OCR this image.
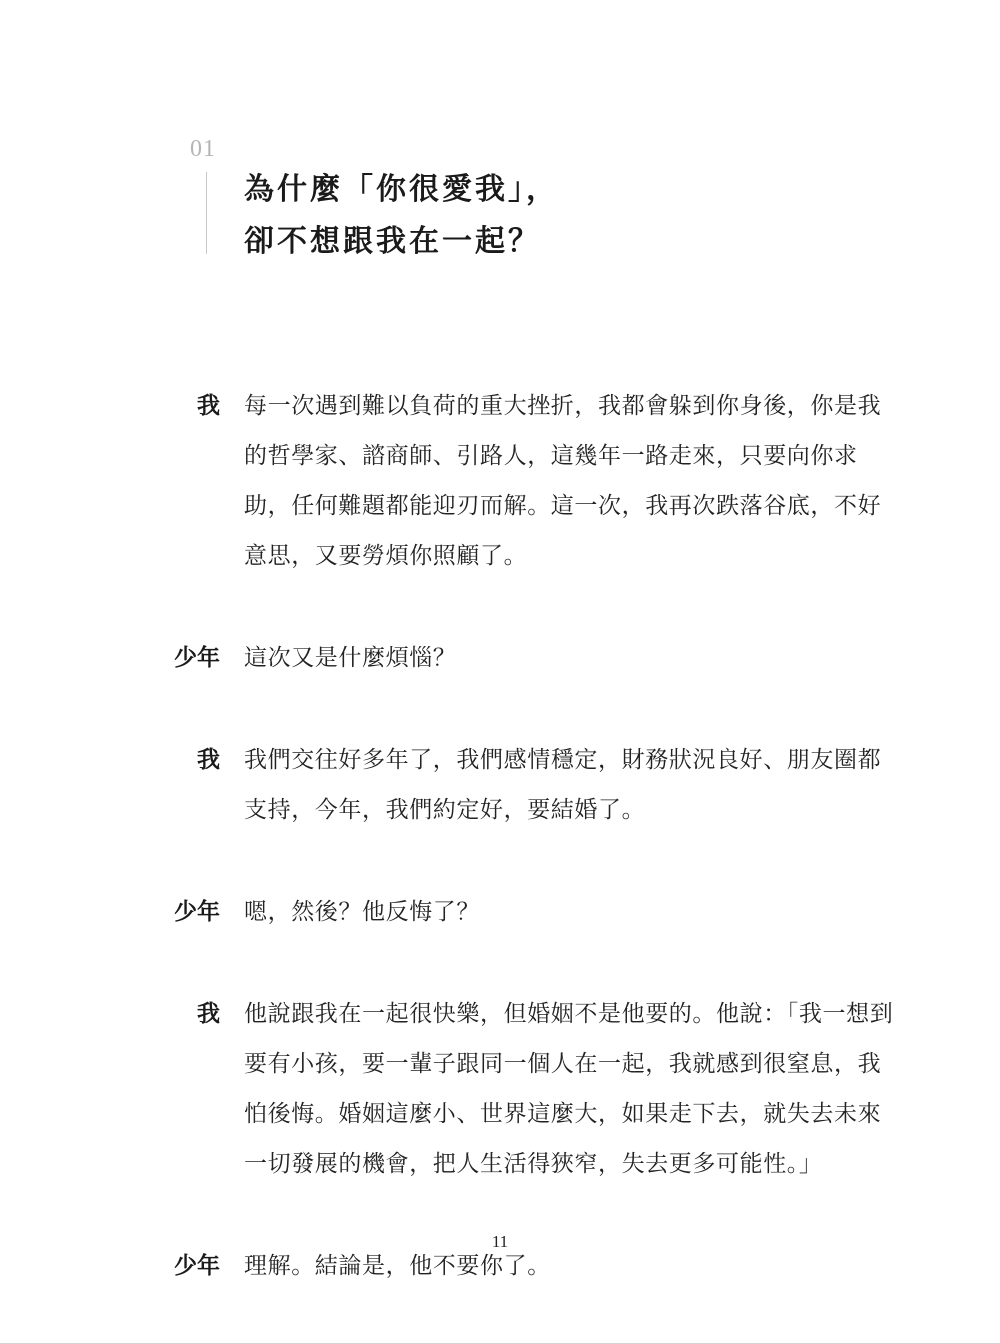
01
為什麼「你很愛我」，
卻不想跟我在一起？
我 每一次遇到難以負荷的重大挫折，我都會躲到你身後，你是我
的哲學家、諮商師、引路人，這幾年一路走來，只要向你求
助，任何難題都能迎刃而解。這一次，我再次跌落谷底，不好
意思，又要勞煩你照顧了。
少年 這次又是什麼煩惱？
我 我們交往好多年了，我們感情穩定，財務狀況良好、朋友圈都
支持，今年，我們約定好，要結婚了。
少年 嗯，然後？他反悔了？
我 他說跟我在一起很快樂，但婚姻不是他要的。他說：「我一想到
要有小孩，要一輩子跟同一個人在一起，我就感到很窒息，我
怕後悔。婚姻這麼小、世界這麼大，如果走下去，就失去未來
一切發展的機會，把人生活得狹窄，失去更多可能性。」
少年 理解。結論是，他不要你了。
11
